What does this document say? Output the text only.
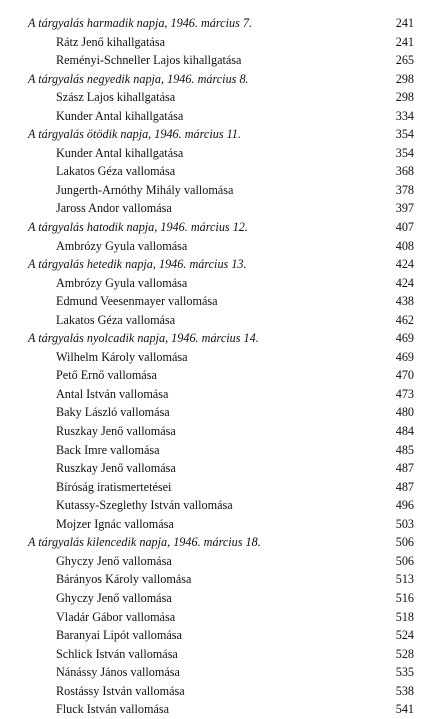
A tárgyalás harmadik napja, 1946. március 7.	241
Rátz Jenő kihallgatása	241
Reményi-Schneller Lajos kihallgatása	265
A tárgyalás negyedik napja, 1946. március 8.	298
Szász Lajos kihallgatása	298
Kunder Antal kihallgatása	334
A tárgyalás ötödik napja, 1946. március 11.	354
Kunder Antal kihallgatása	354
Lakatos Géza vallomása	368
Jungerth-Arnóthy Mihály vallomása	378
Jaross Andor vallomása	397
A tárgyalás hatodik napja, 1946. március 12.	407
Ambrózy Gyula vallomása	408
A tárgyalás hetedik napja, 1946. március 13.	424
Ambrózy Gyula vallomása	424
Edmund Veesenmayer vallomása	438
Lakatos Géza vallomása	462
A tárgyalás nyolcadik napja, 1946. március 14.	469
Wilhelm Károly vallomása	469
Pető Ernő vallomása	470
Antal István vallomása	473
Baky László vallomása	480
Ruszkay Jenő vallomása	484
Back Imre vallomása	485
Ruszkay Jenő vallomása	487
Bíróság iratismertetései	487
Kutassy-Szeglethy István vallomása	496
Mojzer Ignác vallomása	503
A tárgyalás kilencedik napja, 1946. március 18.	506
Ghyczy Jenő vallomása	506
Bárányos Károly vallomása	513
Ghyczy Jenő vallomása	516
Vladár Gábor vallomása	518
Baranyai Lipót vallomása	524
Schlick István vallomása	528
Nánássy János vallomása	535
Rostássy István vallomása	538
Fluck István vallomása	541
